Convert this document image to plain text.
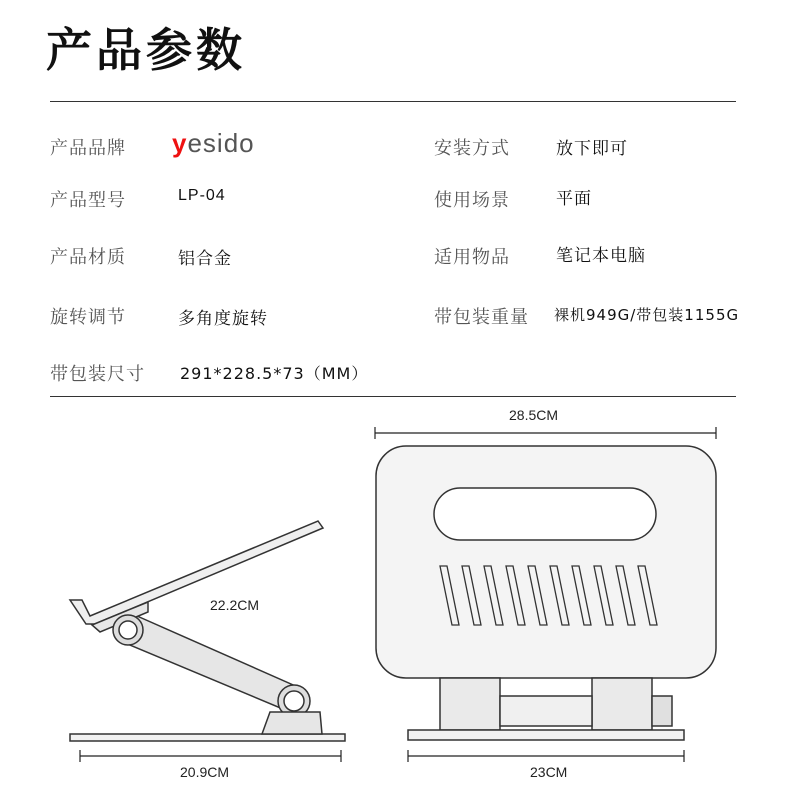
产品参数
产品品牌
产品型号
产品材质
旋转调节
带包装尺寸
yesido
LP-04
铝合金
多角度旋转
291*228.5*73（MM）
安装方式
使用场景
适用物品
带包装重量
放下即可
平面
笔记本电脑
裸机949G/带包装1155G
28.5CM
22.2CM
20.9CM	23CM
